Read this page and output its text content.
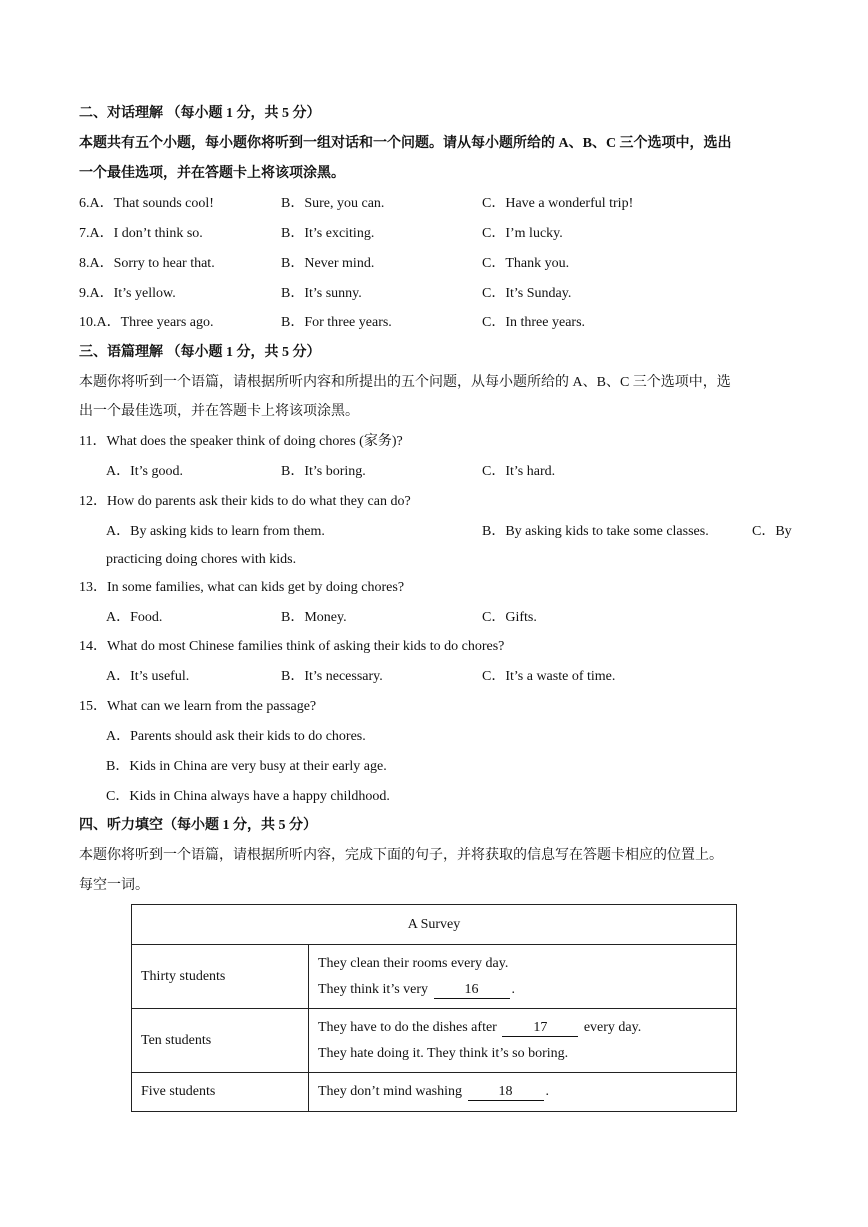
二、对话理解 （每小题 1 分，共 5 分）
本题共有五个小题，每小题你将听到一组对话和一个问题。请从每小题所给的 A、B、C 三个选项中，选出
一个最佳选项，并在答题卡上将该项涂黑。
6.A．That sounds cool!	B．Sure, you can.	C．Have a wonderful trip!
7.A．I don’t think so.	B．It’s exciting.	C．I’m lucky.
8.A．Sorry to hear that.	B．Never mind.	C．Thank you.
9.A．It’s yellow.	B．It’s sunny.	C．It’s Sunday.
10.A．Three years ago.	B．For three years.	C．In three years.
三、语篇理解 （每小题 1 分，共 5 分）
本题你将听到一个语篇，请根据所听内容和所提出的五个问题，从每小题所给的 A、B、C 三个选项中，选
出一个最佳选项，并在答题卡上将该项涂黑。
11．What does the speaker think of doing chores (家务)?
A．It’s good.	B．It’s boring.	C．It’s hard.
12．How do parents ask their kids to do what they can do?
A．By asking kids to learn from them.	B．By asking kids to take some classes.	C．By
practicing doing chores with kids.
13．In some families, what can kids get by doing chores?
A．Food.	B．Money.	C．Gifts.
14．What do most Chinese families think of asking their kids to do chores?
A．It’s useful.	B．It’s necessary.	C．It’s a waste of time.
15．What can we learn from the passage?
A．Parents should ask their kids to do chores.
B．Kids in China are very busy at their early age.
C．Kids in China always have a happy childhood.
四、听力填空（每小题 1 分，共 5 分）
本题你将听到一个语篇，请根据所听内容，完成下面的句子，并将获取的信息写在答题卡相应的位置上。
每空一词。
A Survey	
Thirty students	They clean their rooms every day.
They think it’s very 16 .

Ten students	They have to do the dishes after 17 every day.
They hate doing it. They think it’s so boring.

Five students	They don’t mind washing 18 .
